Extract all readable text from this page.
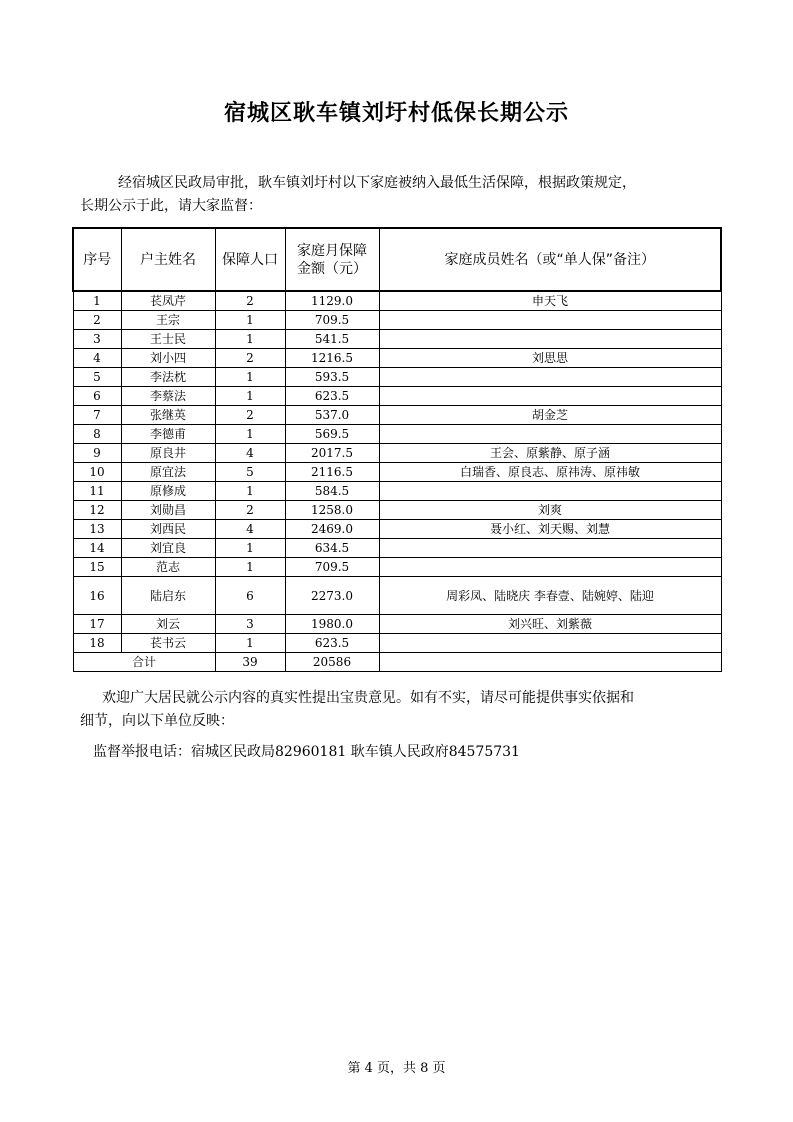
宿城区耿车镇刘圩村低保长期公示
经宿城区民政局审批，耿车镇刘圩村以下家庭被纳入最低生活保障，根据政策规定，
长期公示于此，请大家监督：
序号	户主姓名	保障人口	家庭月保障金额（元）	家庭成员姓名（或“单人保”备注）
1	苌凤芹	2	1129.0	申天飞
2	王宗	1	709.5	
3	王士民	1	541.5	
4	刘小四	2	1216.5	刘思思
5	李法枕	1	593.5	
6	李蔡法	1	623.5	
7	张继英	2	537.0	胡金芝
8	李德甫	1	569.5	
9	原良井	4	2017.5	王会、原紫静、原子涵
10	原宜法	5	2116.5	白瑞香、原良志、原祎涛、原祎敏
11	原修成	1	584.5	
12	刘勋昌	2	1258.0	刘爽
13	刘西民	4	2469.0	聂小红、刘天赐、刘慧
14	刘宜良	1	634.5	
15	范志	1	709.5	
16	陆启东	6	2273.0	周彩凤、陆晓庆 李春壹、陆婉婷、陆迎
17	刘云	3	1980.0	刘兴旺、刘紫薇
18	苌书云	1	623.5	
合计		39	20586	
欢迎广大居民就公示内容的真实性提出宝贵意见。如有不实，请尽可能提供事实依据和
细节，向以下单位反映：
监督举报电话：宿城区民政局82960181 耿车镇人民政府84575731
第 4 页，共 8 页
